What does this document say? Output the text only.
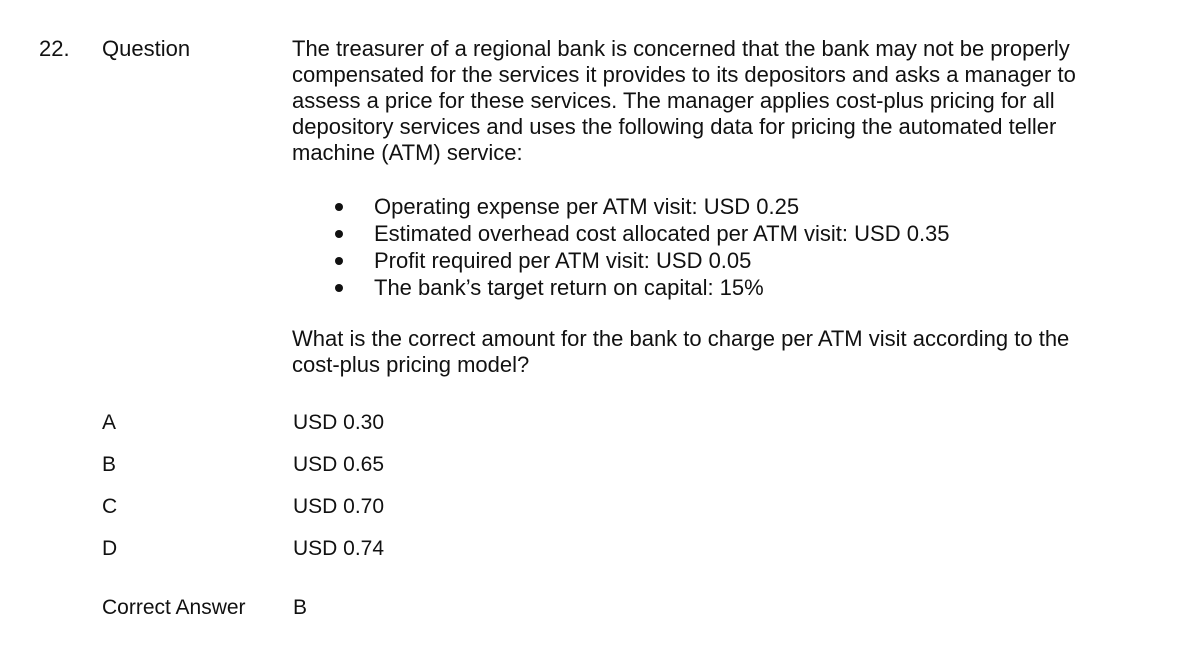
22. Question	The treasurer of a regional bank is concerned that the bank may not be properly
compensated for the services it provides to its depositors and asks a manager to
assess a price for these services. The manager applies cost-plus pricing for all
depository services and uses the following data for pricing the automated teller
machine (ATM) service:
Operating expense per ATM visit: USD 0.25
Estimated overhead cost allocated per ATM visit: USD 0.35
Profit required per ATM visit: USD 0.05
The bank’s target return on capital: 15%
What is the correct amount for the bank to charge per ATM visit according to the
cost-plus pricing model?
A	USD 0.30
B	USD 0.65
C	USD 0.70
D	USD 0.74
Correct Answer B
